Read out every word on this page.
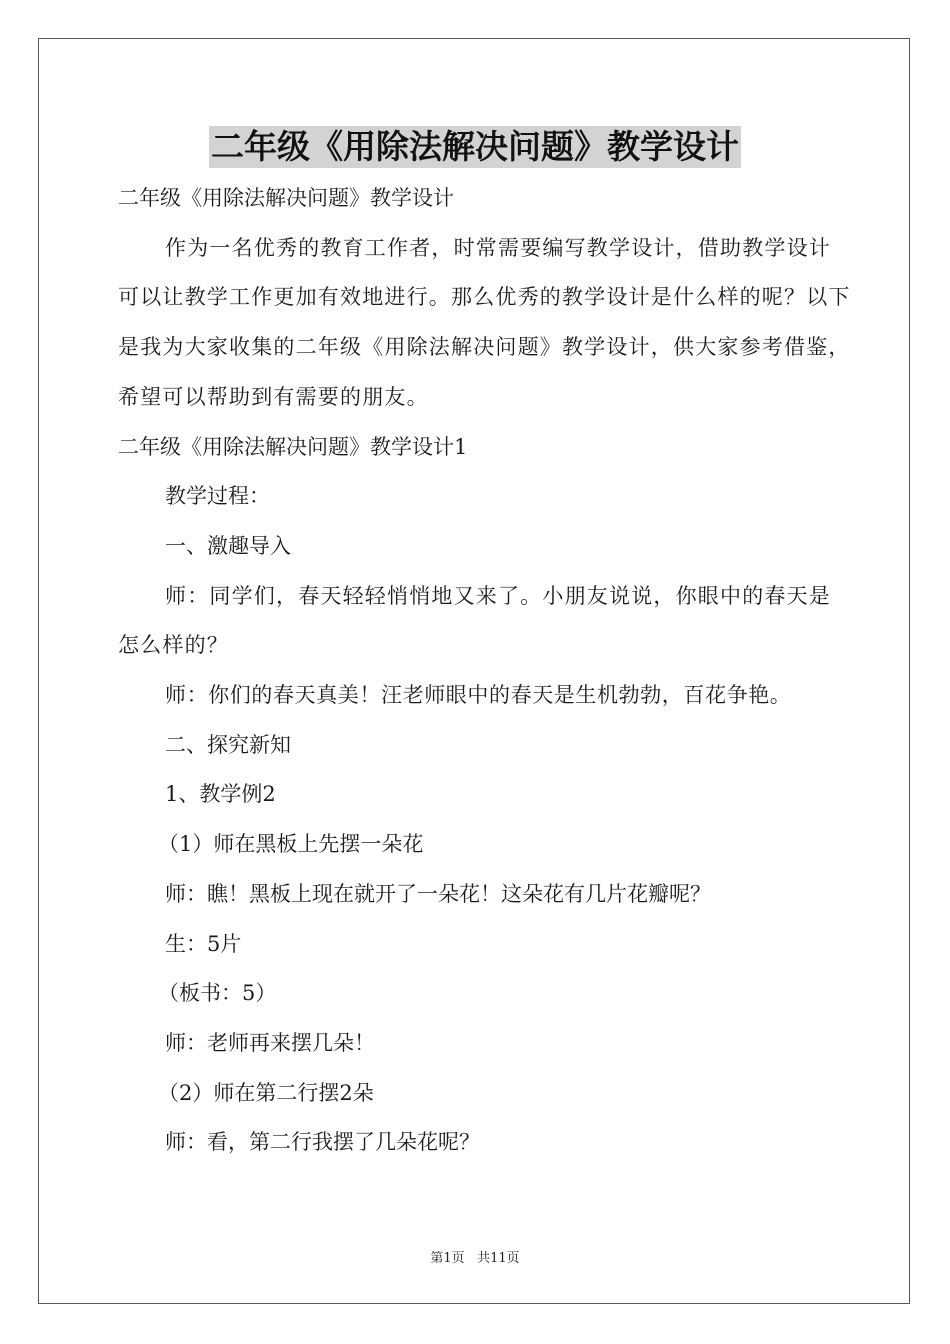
二年级《用除法解决问题》教学设计

二年级《用除法解决问题》教学设计

作为一名优秀的教育工作者，时常需要编写教学设计，借助教学设计可以让教学工作更加有效地进行。那么优秀的教学设计是什么样的呢？以下是我为大家收集的二年级《用除法解决问题》教学设计，供大家参考借鉴，希望可以帮助到有需要的朋友。

二年级《用除法解决问题》教学设计1

教学过程：

一、激趣导入

师：同学们，春天轻轻悄悄地又来了。小朋友说说，你眼中的春天是怎么样的？

师：你们的春天真美！汪老师眼中的春天是生机勃勃，百花争艳。

二、探究新知

1、教学例2

（1）师在黑板上先摆一朵花

师：瞧！黑板上现在就开了一朵花！这朵花有几片花瓣呢？

生：5片

（板书：5）

师：老师再来摆几朵！

（2）师在第二行摆2朵

师：看，第二行我摆了几朵花呢？

第1页 共11页
